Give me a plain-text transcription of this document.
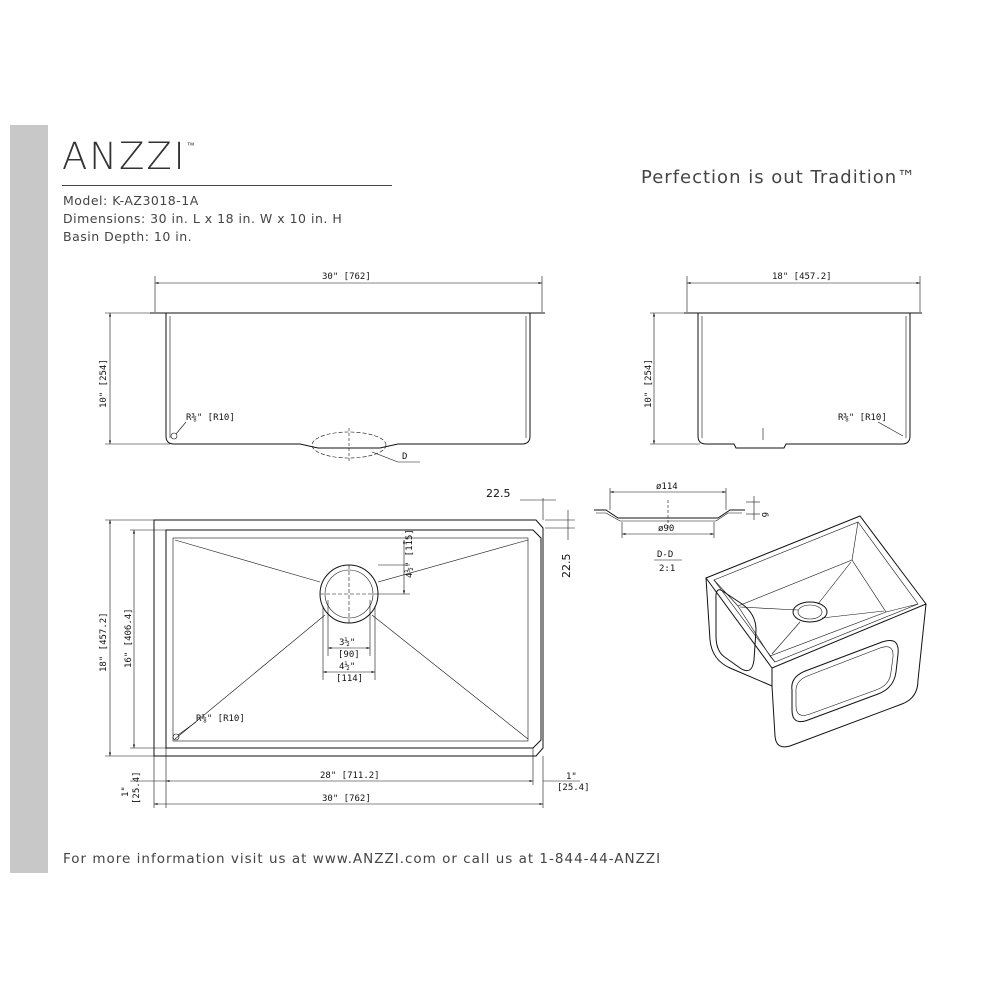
ANZZI™
Model: K-AZ3018-1A
Dimensions: 30 in. L x 18 in. W x 10 in. H
Basin Depth: 10 in.
Perfection is out Tradition™
30" [762]
10" [254]
R⅜" [R10]
D
18" [457.2]
10" [254]
R⅜" [R10]
22.5
22.5
4½" [115]
3½"
[90]
4½"
[114]
R⅜" [R10]
18" [457.2] 16" [406.4]
28" [711.2]
30" [762]
1" [25.4]	1"
[25.4]
ø114
6
ø90
D-D
2:1
For more information visit us at www.ANZZI.com or call us at 1-844-44-ANZZI
